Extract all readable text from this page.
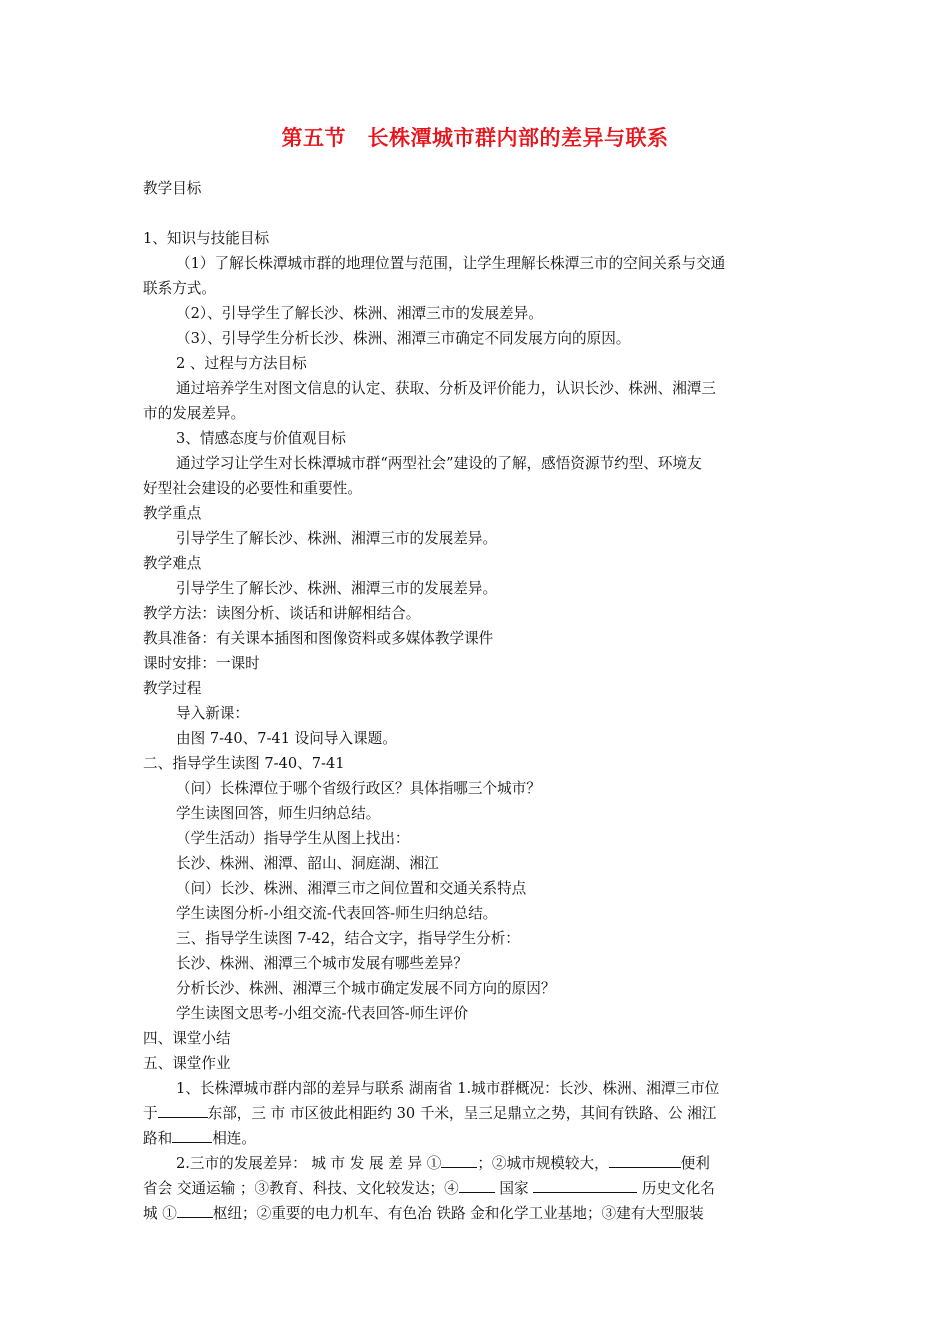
第五节　长株潭城市群内部的差异与联系

教学目标

1、知识与技能目标

（1）了解长株潭城市群的地理位置与范围，让学生理解长株潭三市的空间关系与交通

联系方式。

（2）、引导学生了解长沙、株洲、湘潭三市的发展差异。

（3）、引导学生分析长沙、株洲、湘潭三市确定不同发展方向的原因。

2 、过程与方法目标

通过培养学生对图文信息的认定、获取、分析及评价能力，认识长沙、株洲、湘潭三

市的发展差异。

3、情感态度与价值观目标

通过学习让学生对长株潭城市群“两型社会”建设的了解，感悟资源节约型、环境友

好型社会建设的必要性和重要性。

教学重点

引导学生了解长沙、株洲、湘潭三市的发展差异。

教学难点

引导学生了解长沙、株洲、湘潭三市的发展差异。

教学方法：读图分析、谈话和讲解相结合。

教具准备：有关课本插图和图像资料或多媒体教学课件

课时安排：一课时

教学过程

导入新课：

由图 7-40、7-41 设问导入课题。

二、指导学生读图 7-40、7-41

（问）长株潭位于哪个省级行政区？具体指哪三个城市？

学生读图回答，师生归纳总结。

（学生活动）指导学生从图上找出：

长沙、株洲、湘潭、韶山、洞庭湖、湘江

（问）长沙、株洲、湘潭三市之间位置和交通关系特点

学生读图分析-小组交流-代表回答-师生归纳总结。

三、指导学生读图 7-42，结合文字，指导学生分析：

长沙、株洲、湘潭三个城市发展有哪些差异？

分析长沙、株洲、湘潭三个城市确定发展不同方向的原因？

学生读图文思考-小组交流-代表回答-师生评价

四、课堂小结

五、课堂作业

1、长株潭城市群内部的差异与联系 湖南省 1.城市群概况：长沙、株洲、湘潭三市位

于	东部，三 市 市区彼此相距约 30 千米，呈三足鼎立之势，其间有铁路、公 湘江

路和	相连。

2.三市的发展差异： 城 市 发 展 差 异 ① ；②城市规模较大，	便利

省会 交通运输 ；③教育、科技、文化较发达；④ 国家	历史文化名

城 ① 枢纽；②重要的电力机车、有色冶 铁路 金和化学工业基地；③建有大型服装
